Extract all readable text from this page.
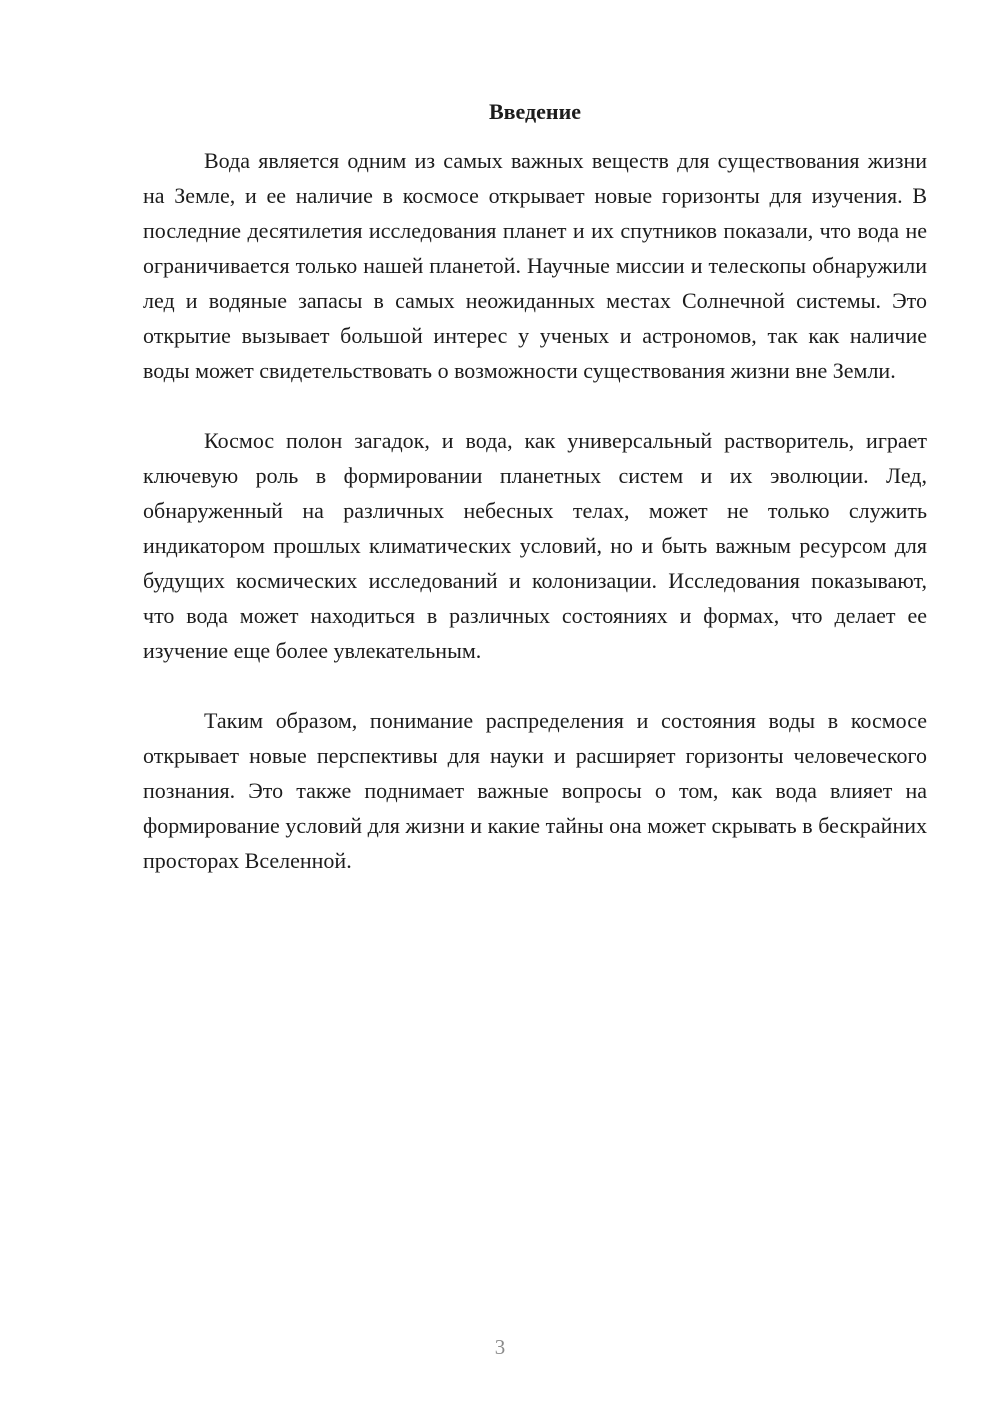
Введение

Вода является одним из самых важных веществ для существования жизни на Земле, и ее наличие в космосе открывает новые горизонты для изучения. В последние десятилетия исследования планет и их спутников показали, что вода не ограничивается только нашей планетой. Научные миссии и телескопы обнаружили лед и водяные запасы в самых неожиданных местах Солнечной системы. Это открытие вызывает большой интерес у ученых и астрономов, так как наличие воды может свидетельствовать о возможности существования жизни вне Земли.

Космос полон загадок, и вода, как универсальный растворитель, играет ключевую роль в формировании планетных систем и их эволюции. Лед, обнаруженный на различных небесных телах, может не только служить индикатором прошлых климатических условий, но и быть важным ресурсом для будущих космических исследований и колонизации. Исследования показывают, что вода может находиться в различных состояниях и формах, что делает ее изучение еще более увлекательным.

Таким образом, понимание распределения и состояния воды в космосе открывает новые перспективы для науки и расширяет горизонты человеческого познания. Это также поднимает важные вопросы о том, как вода влияет на формирование условий для жизни и какие тайны она может скрывать в бескрайних просторах Вселенной.

3
